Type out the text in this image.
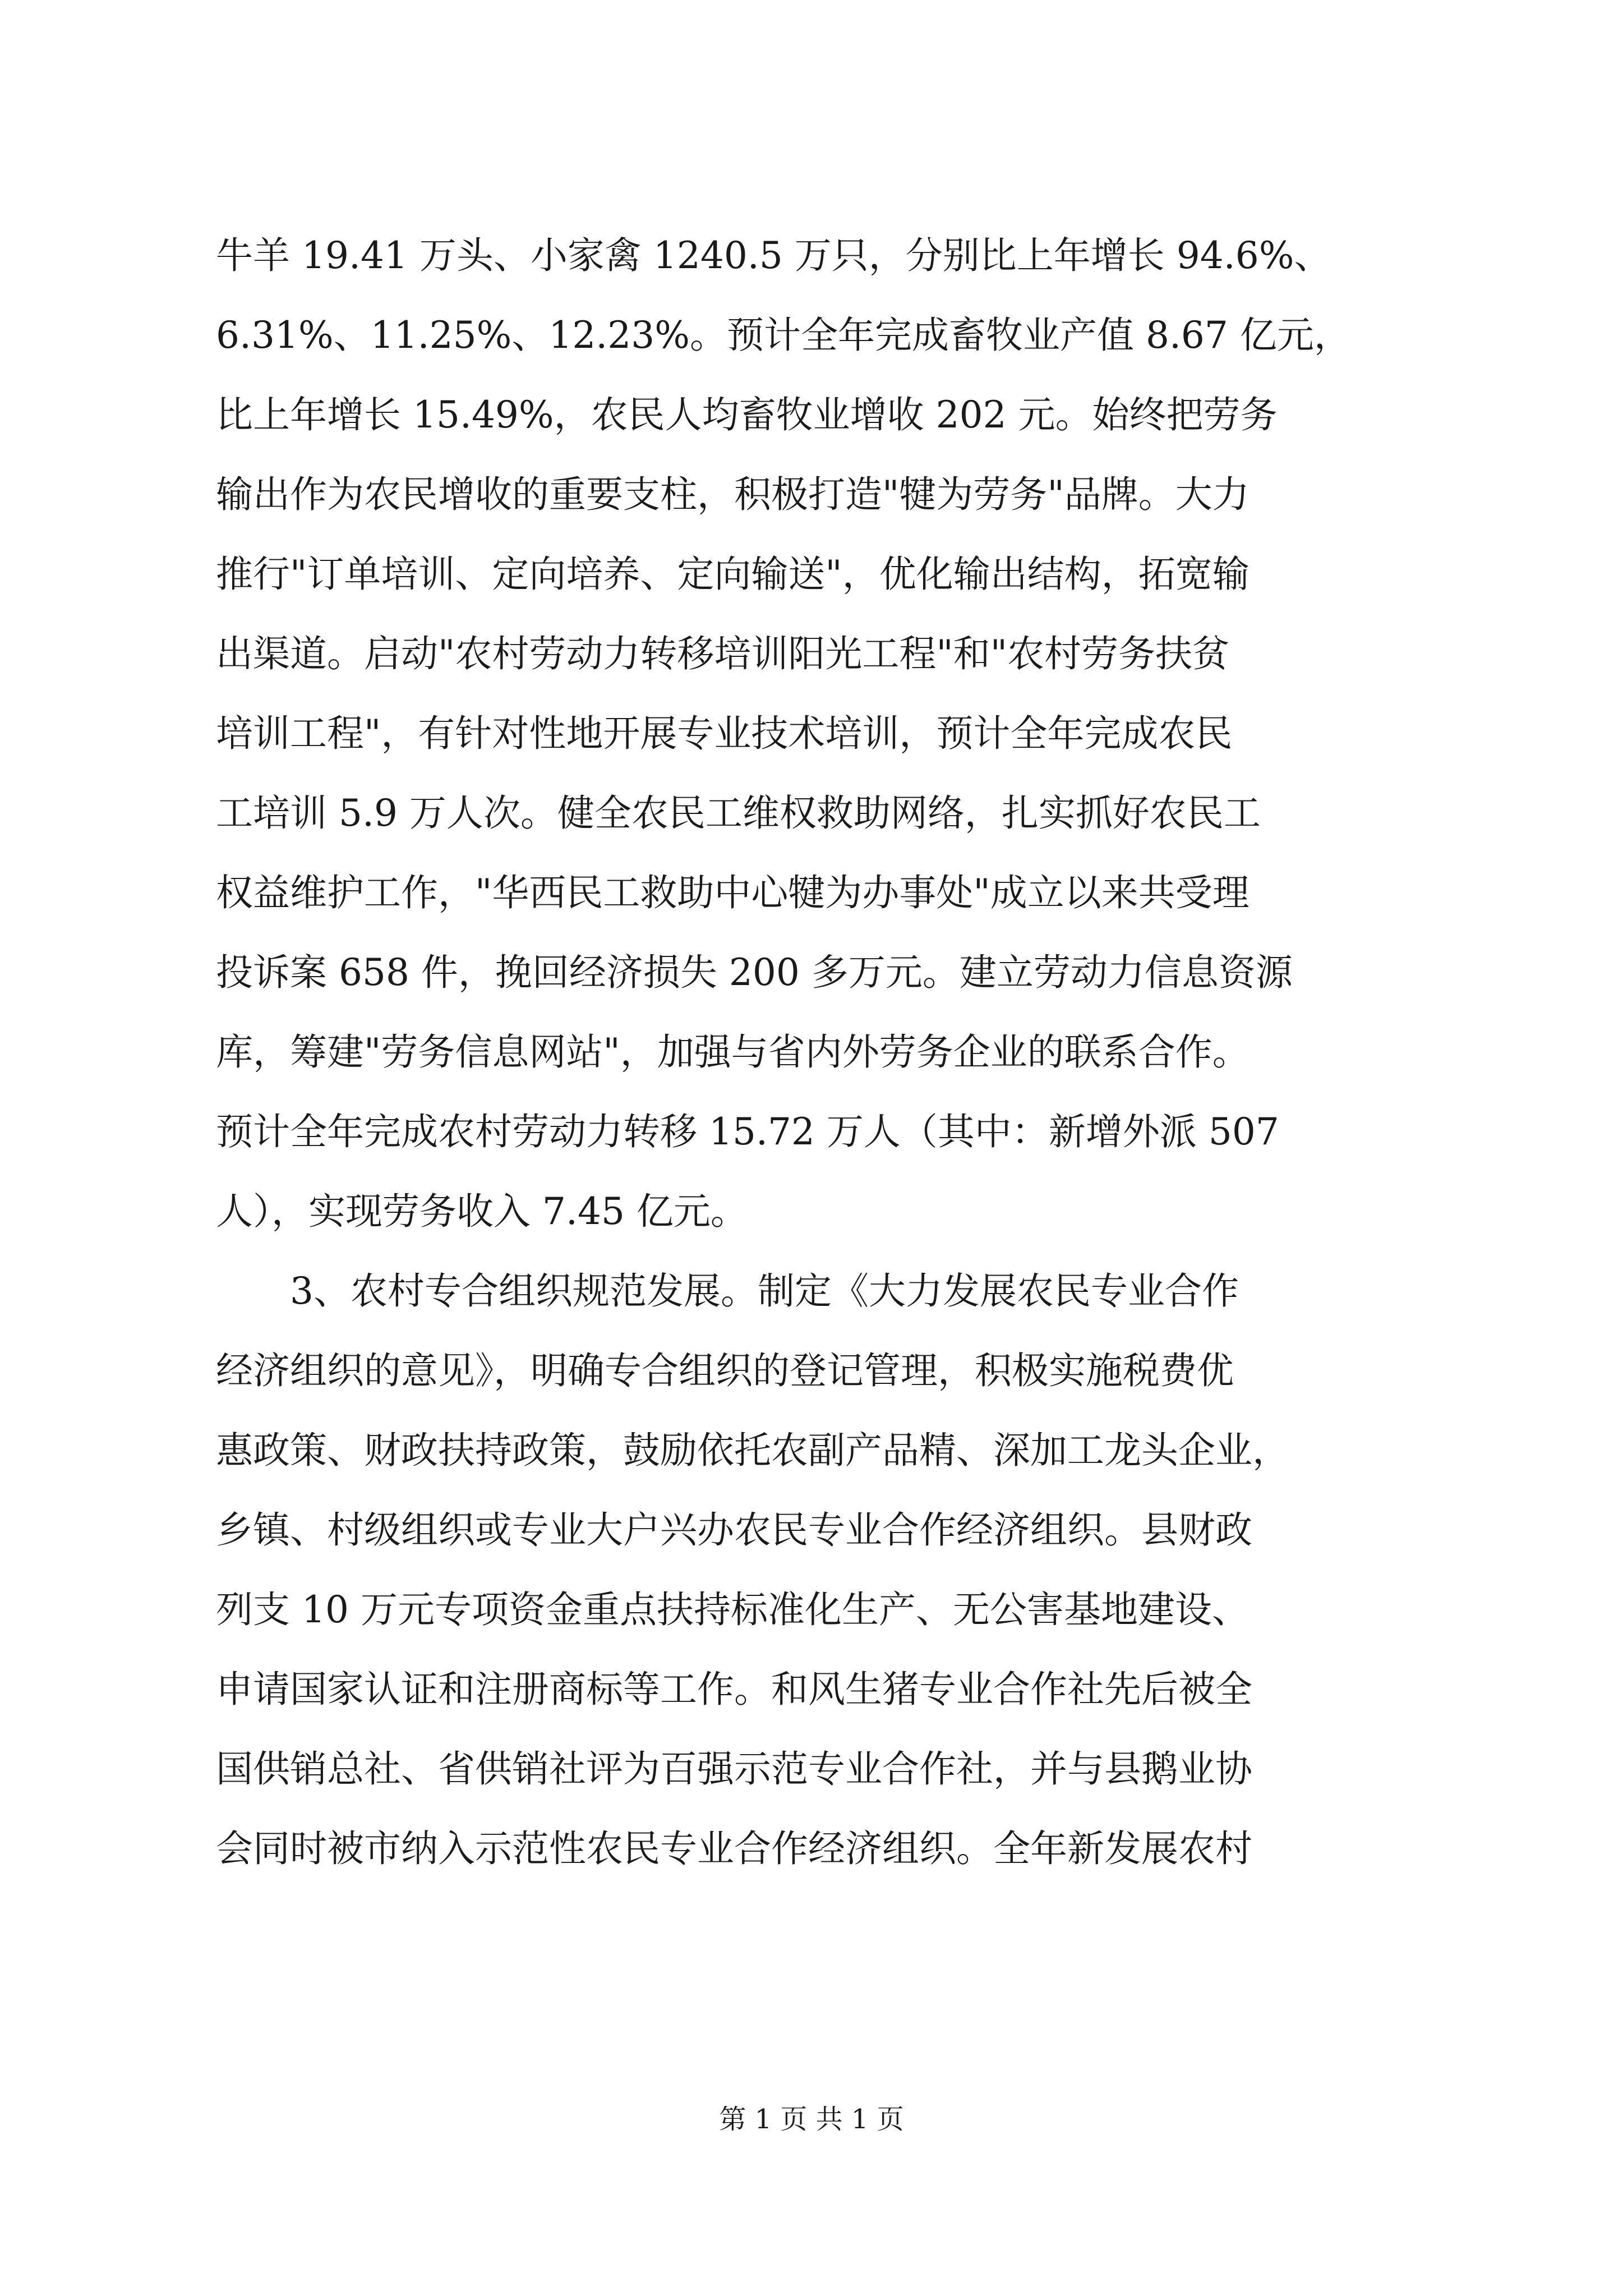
牛羊 19.41 万头、小家禽 1240.5 万只，分别比上年增长 94.6%、
6.31%、11.25%、12.23%。预计全年完成畜牧业产值 8.67 亿元，
比上年增长 15.49%，农民人均畜牧业增收 202 元。始终把劳务
输出作为农民增收的重要支柱，积极打造"犍为劳务"品牌。大力
推行"订单培训、定向培养、定向输送"，优化输出结构，拓宽输
出渠道。启动"农村劳动力转移培训阳光工程"和"农村劳务扶贫
培训工程"，有针对性地开展专业技术培训，预计全年完成农民
工培训 5.9 万人次。健全农民工维权救助网络，扎实抓好农民工
权益维护工作，"华西民工救助中心犍为办事处"成立以来共受理
投诉案 658 件，挽回经济损失 200 多万元。建立劳动力信息资源
库，筹建"劳务信息网站"，加强与省内外劳务企业的联系合作。
预计全年完成农村劳动力转移 15.72 万人（其中：新增外派 507
人），实现劳务收入 7.45 亿元。
3、农村专合组织规范发展。制定《大力发展农民专业合作
经济组织的意见》，明确专合组织的登记管理，积极实施税费优
惠政策、财政扶持政策，鼓励依托农副产品精、深加工龙头企业，
乡镇、村级组织或专业大户兴办农民专业合作经济组织。县财政
列支 10 万元专项资金重点扶持标准化生产、无公害基地建设、
申请国家认证和注册商标等工作。和风生猪专业合作社先后被全
国供销总社、省供销社评为百强示范专业合作社，并与县鹅业协
会同时被市纳入示范性农民专业合作经济组织。全年新发展农村
第 1 页 共 1 页
